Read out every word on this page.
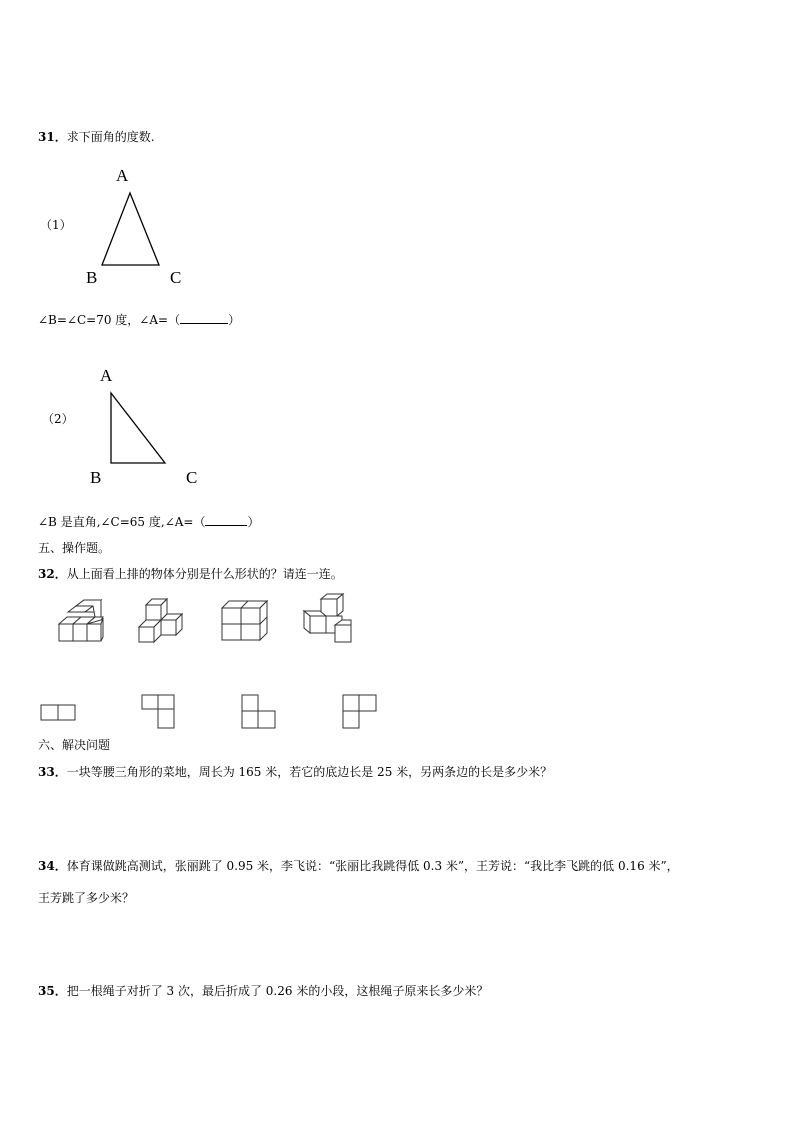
31．求下面角的度数.
（1）
A
B	C
∠B=∠C=70 度，∠A=（	）
（2）
A
B	C
∠B 是直角,∠C=65 度,∠A=（	）
五、操作题。
32．从上面看上排的物体分别是什么形状的？请连一连。
六、解决问题
33．一块等腰三角形的菜地，周长为 165 米，若它的底边长是 25 米，另两条边的长是多少米？
34．体育课做跳高测试，张丽跳了 0.95 米，李飞说：“张丽比我跳得低 0.3 米”，王芳说：“我比李飞跳的低 0.16 米”，
王芳跳了多少米？
35．把一根绳子对折了 3 次，最后折成了 0.26 米的小段，这根绳子原来长多少米？
